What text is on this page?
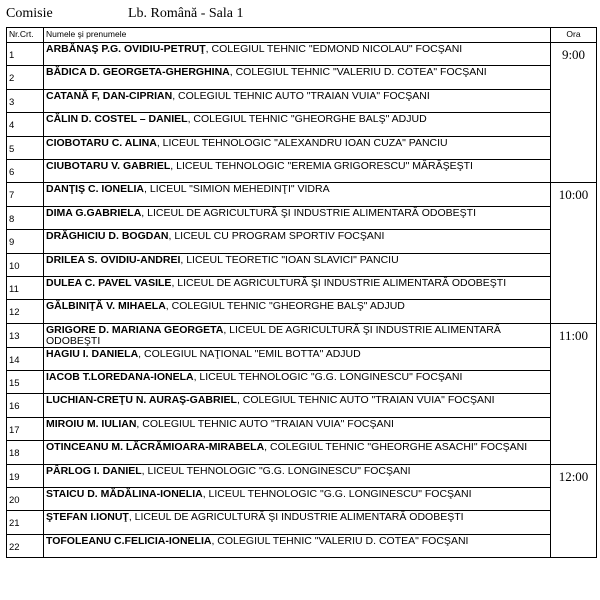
Comisie	Lb. Română - Sala 1
Nr.Crt.	Numele şi prenumele	Ora
1	ARBĂNAŞ P.G. OVIDIU-PETRUŢ, COLEGIUL TEHNIC "EDMOND NICOLAU" FOCŞANI	9:00
2	BĂDICA D. GEORGETA-GHERGHINA, COLEGIUL TEHNIC "VALERIU D. COTEA" FOCŞANI	
3	CATANĂ F, DAN-CIPRIAN, COLEGIUL TEHNIC AUTO "TRAIAN VUIA" FOCŞANI	
4	CĂLIN D. COSTEL – DANIEL, COLEGIUL TEHNIC "GHEORGHE BALŞ" ADJUD	
5	CIOBOTARU C. ALINA, LICEUL TEHNOLOGIC "ALEXANDRU IOAN CUZA" PANCIU	
6	CIUBOTARU V. GABRIEL, LICEUL TEHNOLOGIC "EREMIA GRIGORESCU" MĂRĂŞEŞTI	
7	DANŢIŞ C. IONELIA, LICEUL "SIMION MEHEDINŢI" VIDRA	10:00
8	DIMA G.GABRIELA, LICEUL DE AGRICULTURĂ ŞI INDUSTRIE ALIMENTARĂ ODOBEŞTI	
9	DRĂGHICIU D. BOGDAN, LICEUL CU PROGRAM SPORTIV FOCŞANI	
10	DRILEA S. OVIDIU-ANDREI, LICEUL TEORETIC "IOAN SLAVICI" PANCIU	
11	DULEA C. PAVEL VASILE, LICEUL DE AGRICULTURĂ ŞI INDUSTRIE ALIMENTARĂ ODOBEŞTI	
12	GĂLBINIŢĂ V. MIHAELA, COLEGIUL TEHNIC "GHEORGHE BALŞ" ADJUD	
13	GRIGORE D. MARIANA GEORGETA, LICEUL DE AGRICULTURĂ ŞI INDUSTRIE ALIMENTARĂ ODOBEŞTI	11:00
14	HAGIU I. DANIELA, COLEGIUL NAŢIONAL "EMIL BOTTA" ADJUD	
15	IACOB T.LOREDANA-IONELA, LICEUL TEHNOLOGIC "G.G. LONGINESCU" FOCŞANI	
16	LUCHIAN-CREŢU N. AURAŞ-GABRIEL, COLEGIUL TEHNIC AUTO "TRAIAN VUIA" FOCŞANI	
17	MIROIU M. IULIAN, COLEGIUL TEHNIC AUTO "TRAIAN VUIA" FOCŞANI	
18	OTINCEANU M. LĂCRĂMIOARA-MIRABELA, COLEGIUL TEHNIC "GHEORGHE ASACHI" FOCŞANI	
19	PÂRLOG I. DANIEL, LICEUL TEHNOLOGIC "G.G. LONGINESCU" FOCŞANI	12:00
20	STAICU D. MĂDĂLINA-IONELIA, LICEUL TEHNOLOGIC "G.G. LONGINESCU" FOCŞANI	
21	ŞTEFAN I.IONUŢ, LICEUL DE AGRICULTURĂ ŞI INDUSTRIE ALIMENTARĂ ODOBEŞTI	
22	TOFOLEANU C.FELICIA-IONELIA, COLEGIUL TEHNIC "VALERIU D. COTEA" FOCŞANI	
